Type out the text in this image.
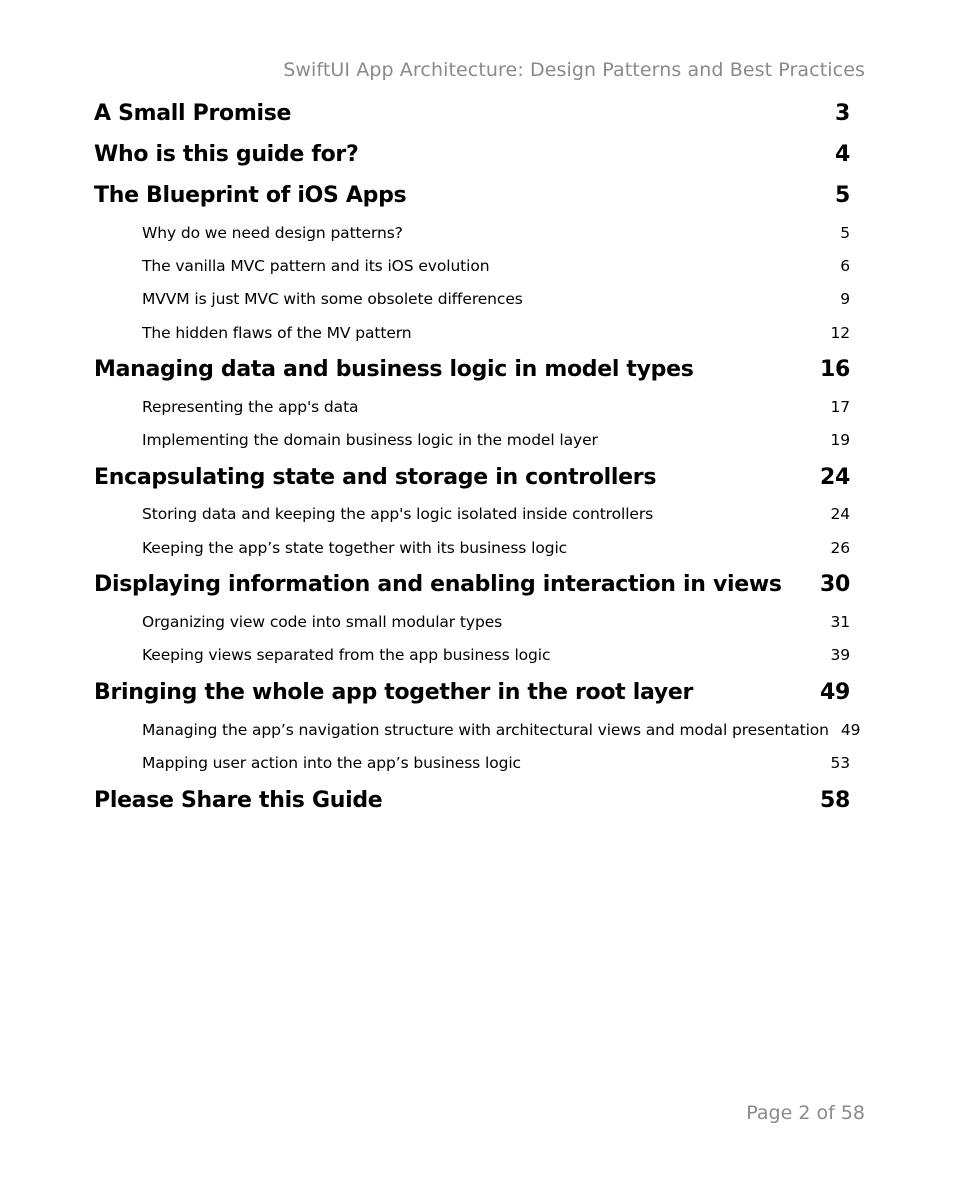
SwiftUI App Architecture: Design Patterns and Best Practices
A Small Promise	3
Who is this guide for?	4
The Blueprint of iOS Apps	5
Why do we need design patterns?	5
The vanilla MVC pattern and its iOS evolution	6
MVVM is just MVC with some obsolete differences	9
The hidden flaws of the MV pattern	12
Managing data and business logic in model types	16
Representing the app's data	17
Implementing the domain business logic in the model layer	19
Encapsulating state and storage in controllers	24
Storing data and keeping the app's logic isolated inside controllers	24
Keeping the app’s state together with its business logic	26
Displaying information and enabling interaction in views	30
Organizing view code into small modular types	31
Keeping views separated from the app business logic	39
Bringing the whole app together in the root layer	49
Managing the app’s navigation structure with architectural views and modal presentation 49
Mapping user action into the app’s business logic	53
Please Share this Guide	58
Page 2 of 58
